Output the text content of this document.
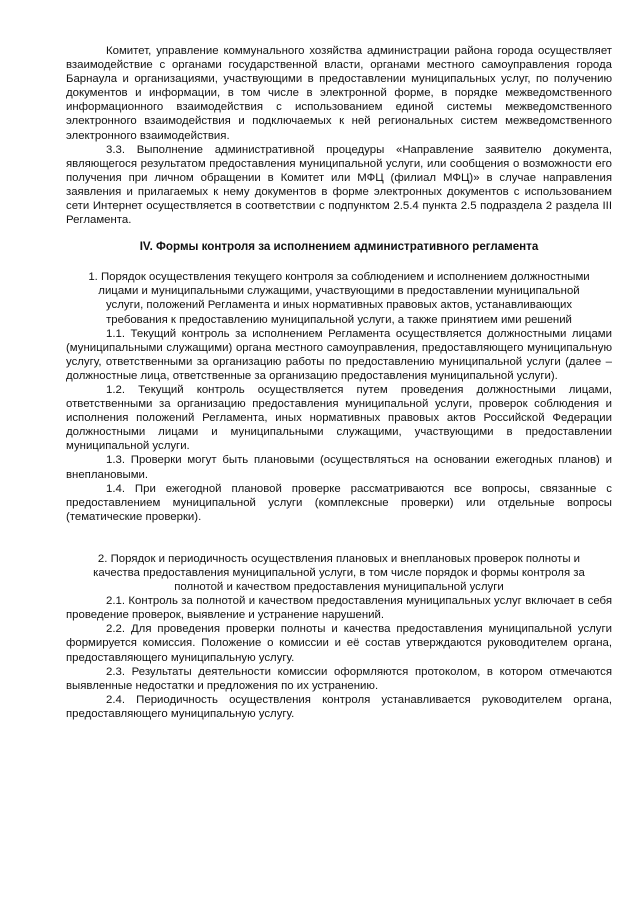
Комитет, управление коммунального хозяйства администрации района города осуществляет взаимодействие с органами государственной власти, органами местного самоуправления города Барнаула и организациями, участвующими в предоставлении муниципальных услуг, по получению документов и информации, в том числе в электронной форме, в порядке межведомственного информационного взаимодействия с использованием единой системы межведомственного электронного взаимодействия и подключаемых к ней региональных систем межведомственного электронного взаимодействия.

3.3. Выполнение административной процедуры «Направление заявителю документа, являющегося результатом предоставления муниципальной услуги, или сообщения о возможности его получения при личном обращении в Комитет или МФЦ (филиал МФЦ)» в случае направления заявления и прилагаемых к нему документов в форме электронных документов с использованием сети Интернет осуществляется в соответствии с подпунктом 2.5.4 пункта 2.5 подраздела 2 раздела III Регламента.

IV. Формы контроля за исполнением административного регламента

1. Порядок осуществления текущего контроля за соблюдением и исполнением должностными лицами и муниципальными служащими, участвующими в предоставлении муниципальной услуги, положений Регламента и иных нормативных правовых актов, устанавливающих требования к предоставлению муниципальной услуги, а также принятием ими решений

1.1. Текущий контроль за исполнением Регламента осуществляется должностными лицами (муниципальными служащими) органа местного самоуправления, предоставляющего муниципальную услугу, ответственными за организацию работы по предоставлению муниципальной услуги (далее – должностные лица, ответственные за организацию предоставления муниципальной услуги).

1.2. Текущий контроль осуществляется путем проведения должностными лицами, ответственными за организацию предоставления муниципальной услуги, проверок соблюдения и исполнения положений Регламента, иных нормативных правовых актов Российской Федерации должностными лицами и муниципальными служащими, участвующими в предоставлении муниципальной услуги.

1.3. Проверки могут быть плановыми (осуществляться на основании ежегодных планов) и внеплановыми.

1.4. При ежегодной плановой проверке рассматриваются все вопросы, связанные с предоставлением муниципальной услуги (комплексные проверки) или отдельные вопросы (тематические проверки).

2. Порядок и периодичность осуществления плановых и внеплановых проверок полноты и качества предоставления муниципальной услуги, в том числе порядок и формы контроля за полнотой и качеством предоставления муниципальной услуги

2.1. Контроль за полнотой и качеством предоставления муниципальных услуг включает в себя проведение проверок, выявление и устранение нарушений.

2.2. Для проведения проверки полноты и качества предоставления муниципальной услуги формируется комиссия. Положение о комиссии и её состав утверждаются руководителем органа, предоставляющего муниципальную услугу.

2.3. Результаты деятельности комиссии оформляются протоколом, в котором отмечаются выявленные недостатки и предложения по их устранению.

2.4. Периодичность осуществления контроля устанавливается руководителем органа, предоставляющего муниципальную услугу.
